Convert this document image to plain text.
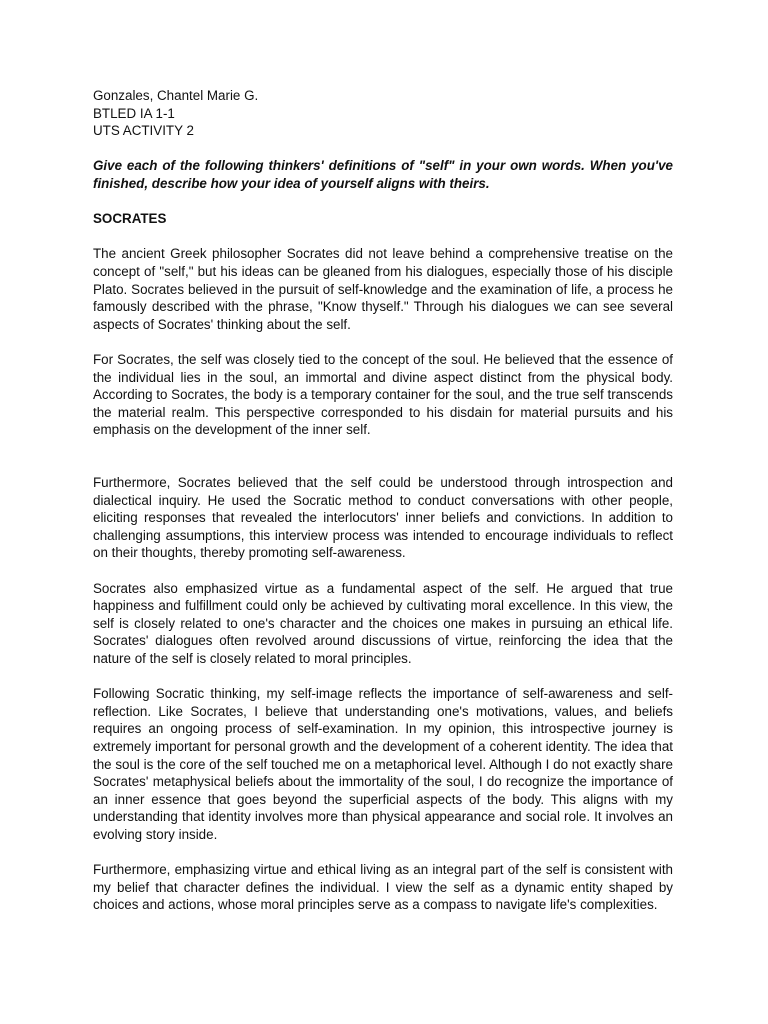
Gonzales, Chantel Marie G.

BTLED IA 1-1

UTS ACTIVITY 2

Give each of the following thinkers' definitions of "self" in your own words. When you've finished, describe how your idea of yourself aligns with theirs.

SOCRATES

The ancient Greek philosopher Socrates did not leave behind a comprehensive treatise on the concept of "self," but his ideas can be gleaned from his dialogues, especially those of his disciple Plato. Socrates believed in the pursuit of self-knowledge and the examination of life, a process he famously described with the phrase, "Know thyself." Through his dialogues we can see several aspects of Socrates' thinking about the self.

For Socrates, the self was closely tied to the concept of the soul. He believed that the essence of the individual lies in the soul, an immortal and divine aspect distinct from the physical body. According to Socrates, the body is a temporary container for the soul, and the true self transcends the material realm. This perspective corresponded to his disdain for material pursuits and his emphasis on the development of the inner self.

Furthermore, Socrates believed that the self could be understood through introspection and dialectical inquiry. He used the Socratic method to conduct conversations with other people, eliciting responses that revealed the interlocutors' inner beliefs and convictions. In addition to challenging assumptions, this interview process was intended to encourage individuals to reflect on their thoughts, thereby promoting self-awareness.

Socrates also emphasized virtue as a fundamental aspect of the self. He argued that true happiness and fulfillment could only be achieved by cultivating moral excellence. In this view, the self is closely related to one's character and the choices one makes in pursuing an ethical life. Socrates' dialogues often revolved around discussions of virtue, reinforcing the idea that the nature of the self is closely related to moral principles.

Following Socratic thinking, my self-image reflects the importance of self-awareness and self-reflection. Like Socrates, I believe that understanding one's motivations, values, and beliefs requires an ongoing process of self-examination. In my opinion, this introspective journey is extremely important for personal growth and the development of a coherent identity. The idea that the soul is the core of the self touched me on a metaphorical level. Although I do not exactly share Socrates' metaphysical beliefs about the immortality of the soul, I do recognize the importance of an inner essence that goes beyond the superficial aspects of the body. This aligns with my understanding that identity involves more than physical appearance and social role. It involves an evolving story inside.

Furthermore, emphasizing virtue and ethical living as an integral part of the self is consistent with my belief that character defines the individual. I view the self as a dynamic entity shaped by choices and actions, whose moral principles serve as a compass to navigate life's complexities.
